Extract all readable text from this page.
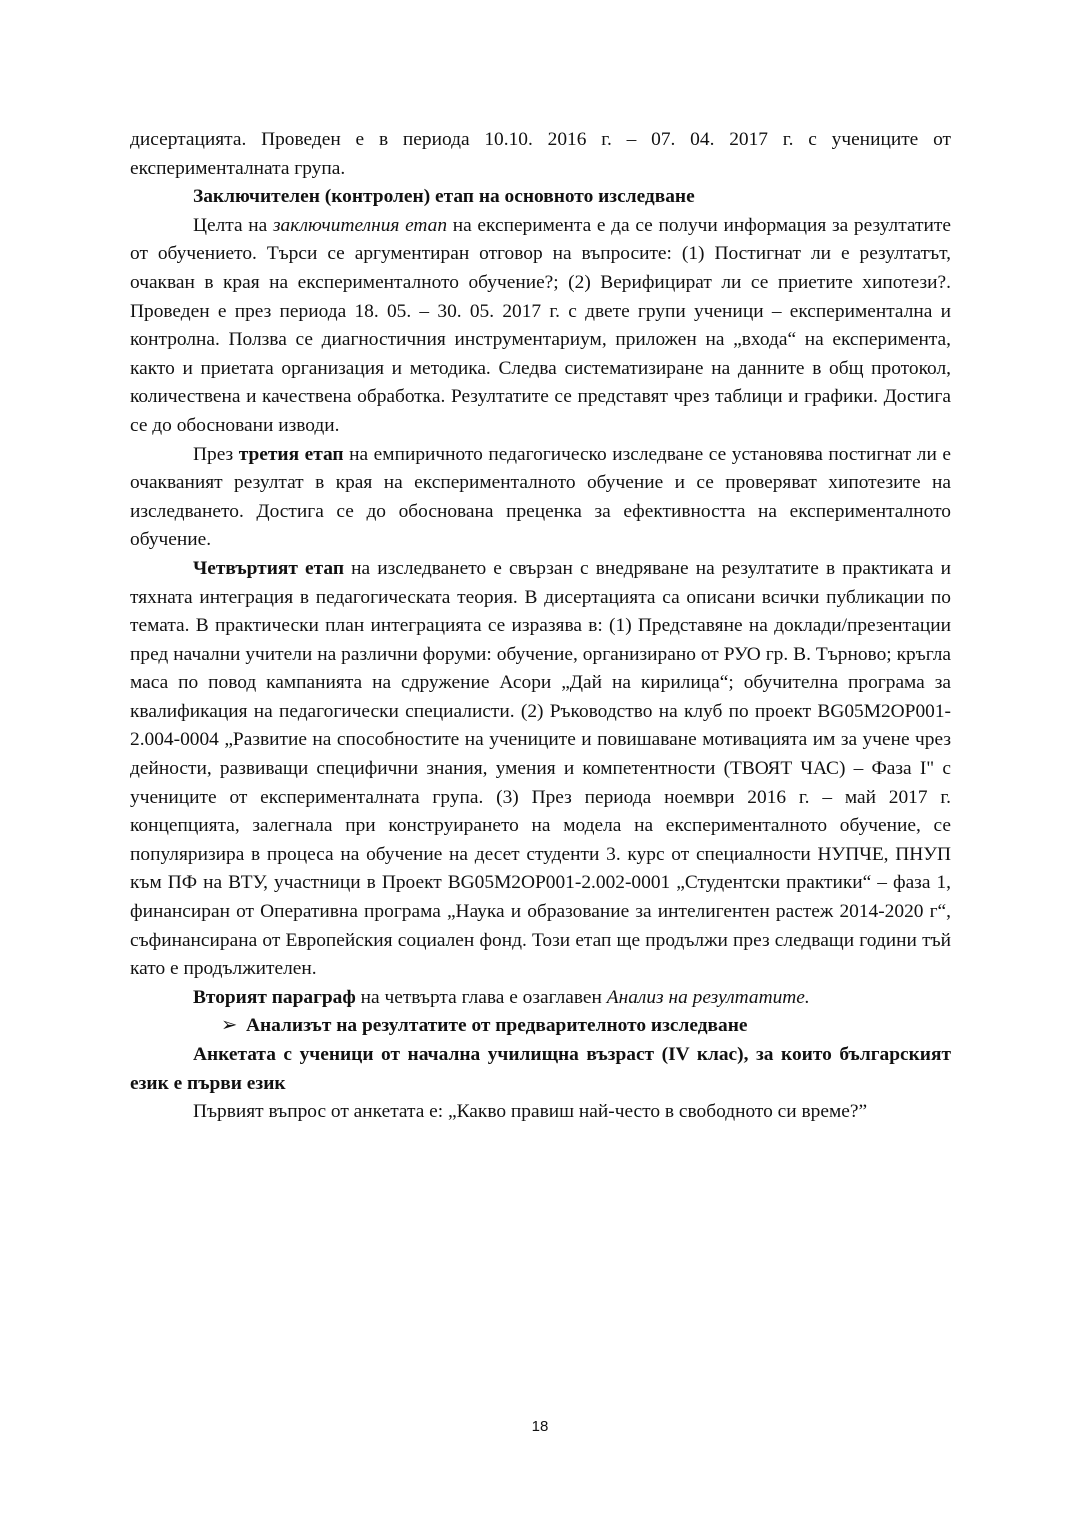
дисертацията. Проведен е в периода 10.10. 2016 г. – 07. 04. 2017 г. с учениците от експерименталната група.

Заключителен (контролен) етап на основното изследване

Целта на заключителния етап на експеримента е да се получи информация за резултатите от обучението. Търси се аргументиран отговор на въпросите: (1) Постигнат ли е резултатът, очакван в края на експерименталното обучение?; (2) Верифицират ли се приетите хипотези?. Проведен е през периода 18. 05. – 30. 05. 2017 г. с двете групи ученици – експериментална и контролна. Ползва се диагностичния инструментариум, приложен на „входа“ на експеримента, както и приетата организация и методика. Следва систематизиране на данните в общ протокол, количествена и качествена обработка. Резултатите се представят чрез таблици и графики. Достига се до обосновани изводи.

През третия етап на емпиричното педагогическо изследване се установява постигнат ли е очакваният резултат в края на експерименталното обучение и се проверяват хипотезите на изследването. Достига се до обоснована преценка за ефективността на експерименталното обучение.

Четвъртият етап на изследването е свързан с внедряване на резултатите в практиката и тяхната интеграция в педагогическата теория. В дисертацията са описани всички публикации по темата. В практически план интеграцията се изразява в: (1) Представяне на доклади/презентации пред начални учители на различни форуми: обучение, организирано от РУО гр. В. Търново; кръгла маса по повод кампанията на сдружение Асори „Дай на кирилица“; обучителна програма за квалификация на педагогически специалисти. (2) Ръководство на клуб по проект BG05M2OP001-2.004-0004 „Развитие на способностите на учениците и повишаване мотивацията им за учене чрез дейности, развиващи специфични знания, умения и компетентности (ТВОЯТ ЧАС) – Фаза I" с учениците от експерименталната група. (3) През периода ноември 2016 г. – май 2017 г. концепцията, залегнала при конструирането на модела на експерименталното обучение, се популяризира в процеса на обучение на десет студенти 3. курс от специалности НУПЧЕ, ПНУП към ПФ на ВТУ, участници в Проект BG05M2OP001-2.002-0001 „Студентски практики“ – фаза 1, финансиран от Оперативна програма „Наука и образование за интелигентен растеж 2014-2020 г“, съфинансирана от Европейския социален фонд. Този етап ще продължи през следващи години тъй като е продължителен.

Вторият параграф на четвърта глава е озаглавен Анализ на резултатите.

➢ Анализът на резултатите от предварителното изследване

Анкетата с ученици от начална училищна възраст (IV клас), за които българският език е първи език

Първият въпрос от анкетата е: „Какво правиш най-често в свободното си време?”

18
